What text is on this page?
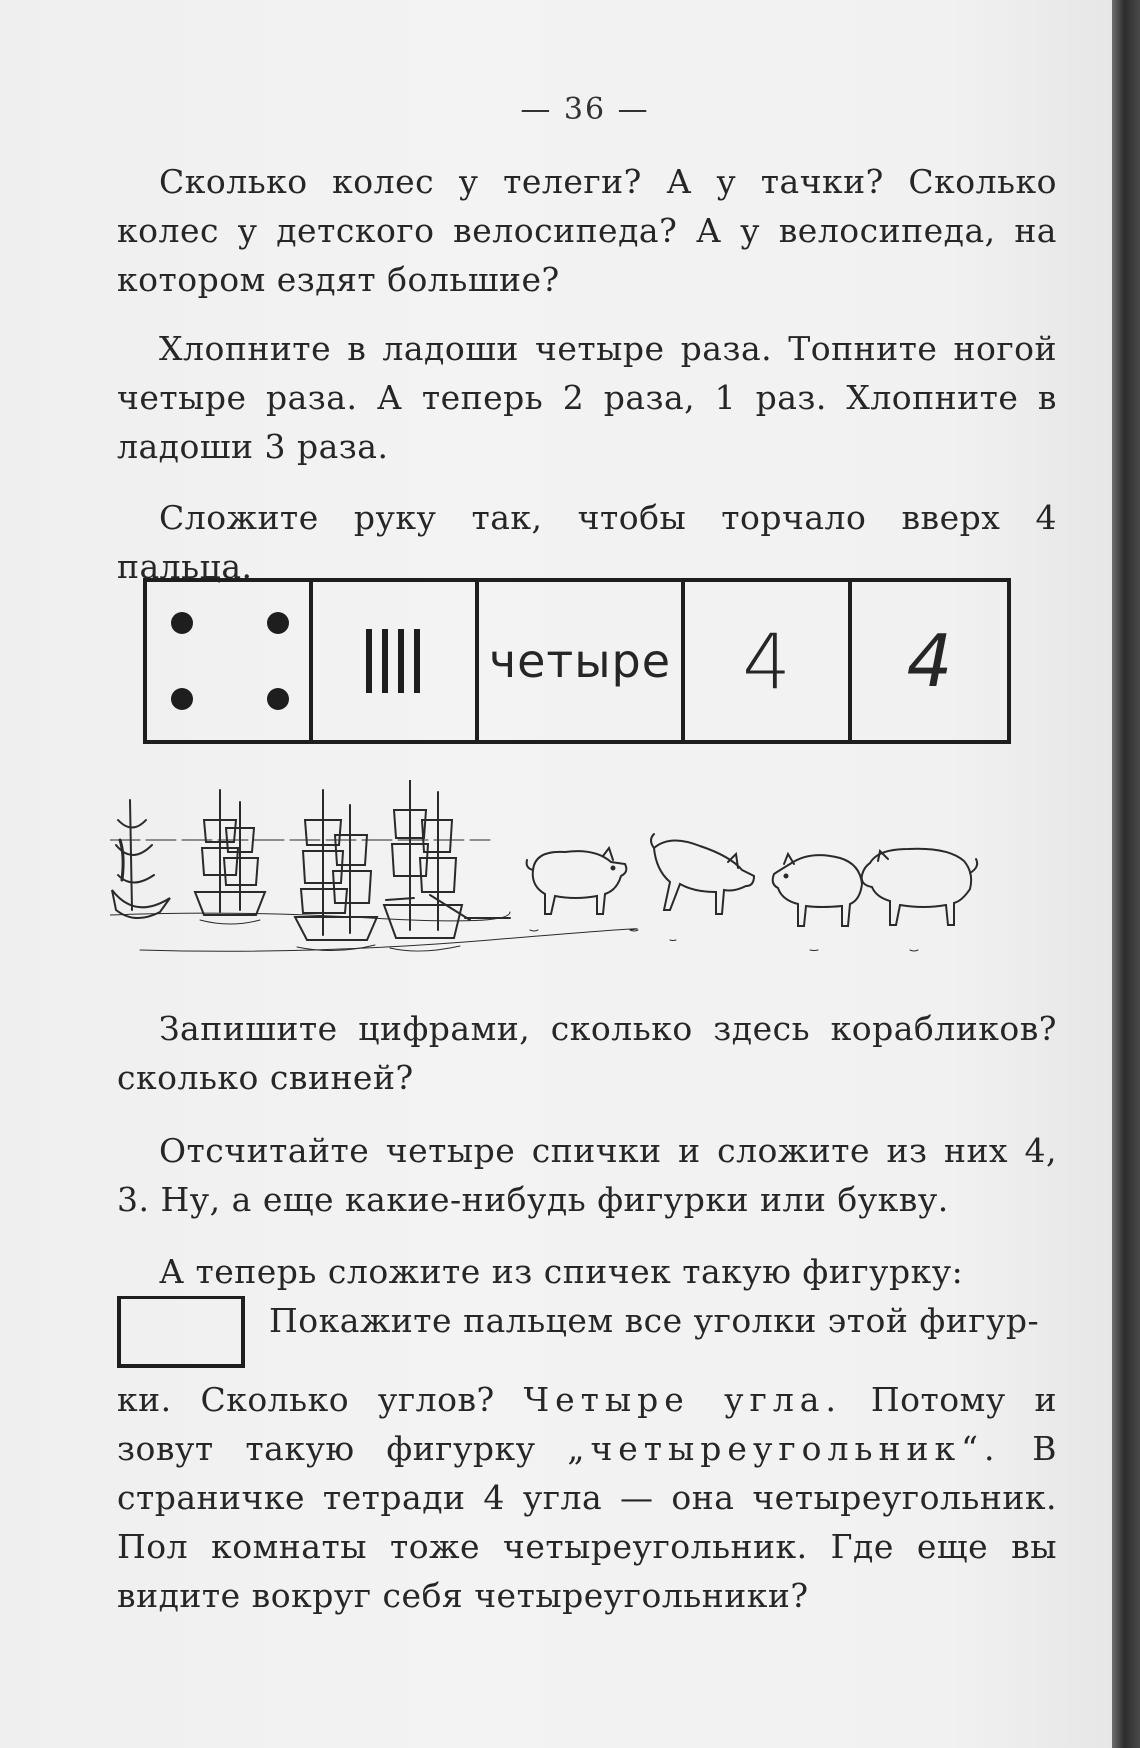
— 36 —

Сколько колес у телеги? А у тачки? Сколько колес у детского велосипеда? А у велосипеда, на котором ездят большие?

Хлопните в ладоши четыре раза. Топните ногой четыре раза. А теперь 2 раза, 1 раз. Хлопните в ладоши 3 раза.

Сложите руку так, чтобы торчало вверх 4 пальца.

четыре 4 4

Запишите цифрами, сколько здесь корабликов? сколько свиней?

Отсчитайте четыре спички и сложите из них 4, 3. Ну, а еще какие-нибудь фигурки или букву.

А теперь сложите из спичек такую фигурку:
Покажите пальцем все уголки этой фигур-

ки. Сколько углов? Четыре угла. Потому и зовут такую фигурку „четыреугольник“. В страничке тетради 4 угла — она четыреугольник. Пол комнаты тоже четыреугольник. Где еще вы видите вокруг себя четыреугольники?
